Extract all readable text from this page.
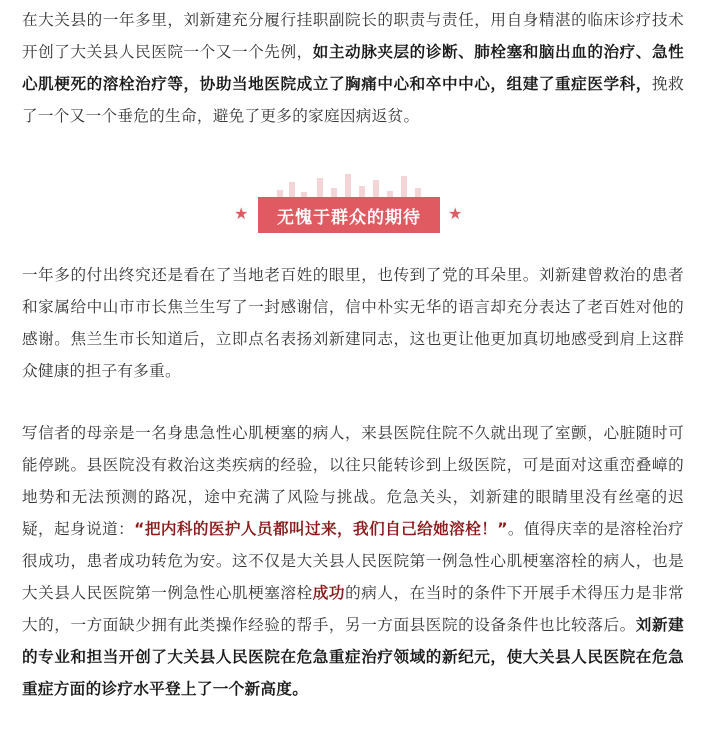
在大关县的一年多里，刘新建充分履行挂职副院长的职责与责任，用自身精湛的临床诊疗技术开创了大关县人民医院一个又一个先例，如主动脉夹层的诊断、肺栓塞和脑出血的治疗、急性心肌梗死的溶栓治疗等，协助当地医院成立了胸痛中心和卒中中心，组建了重症医学科，挽救了一个又一个垂危的生命，避免了更多的家庭因病返贫。

★	无愧于群众的期待	★

一年多的付出终究还是看在了当地老百姓的眼里，也传到了党的耳朵里。刘新建曾救治的患者和家属给中山市市长焦兰生写了一封感谢信，信中朴实无华的语言却充分表达了老百姓对他的感谢。焦兰生市长知道后，立即点名表扬刘新建同志，这也更让他更加真切地感受到肩上这群众健康的担子有多重。

写信者的母亲是一名身患急性心肌梗塞的病人，来县医院住院不久就出现了室颤，心脏随时可能停跳。县医院没有救治这类疾病的经验，以往只能转诊到上级医院，可是面对这重峦叠嶂的地势和无法预测的路况，途中充满了风险与挑战。危急关头，刘新建的眼睛里没有丝毫的迟疑，起身说道：“把内科的医护人员都叫过来，我们自己给她溶栓！”。值得庆幸的是溶栓治疗很成功，患者成功转危为安。这不仅是大关县人民医院第一例急性心肌梗塞溶栓的病人，也是大关县人民医院第一例急性心肌梗塞溶栓成功的病人，在当时的条件下开展手术得压力是非常大的，一方面缺少拥有此类操作经验的帮手，另一方面县医院的设备条件也比较落后。刘新建的专业和担当开创了大关县人民医院在危急重症治疗领域的新纪元，使大关县人民医院在危急重症方面的诊疗水平登上了一个新高度。
